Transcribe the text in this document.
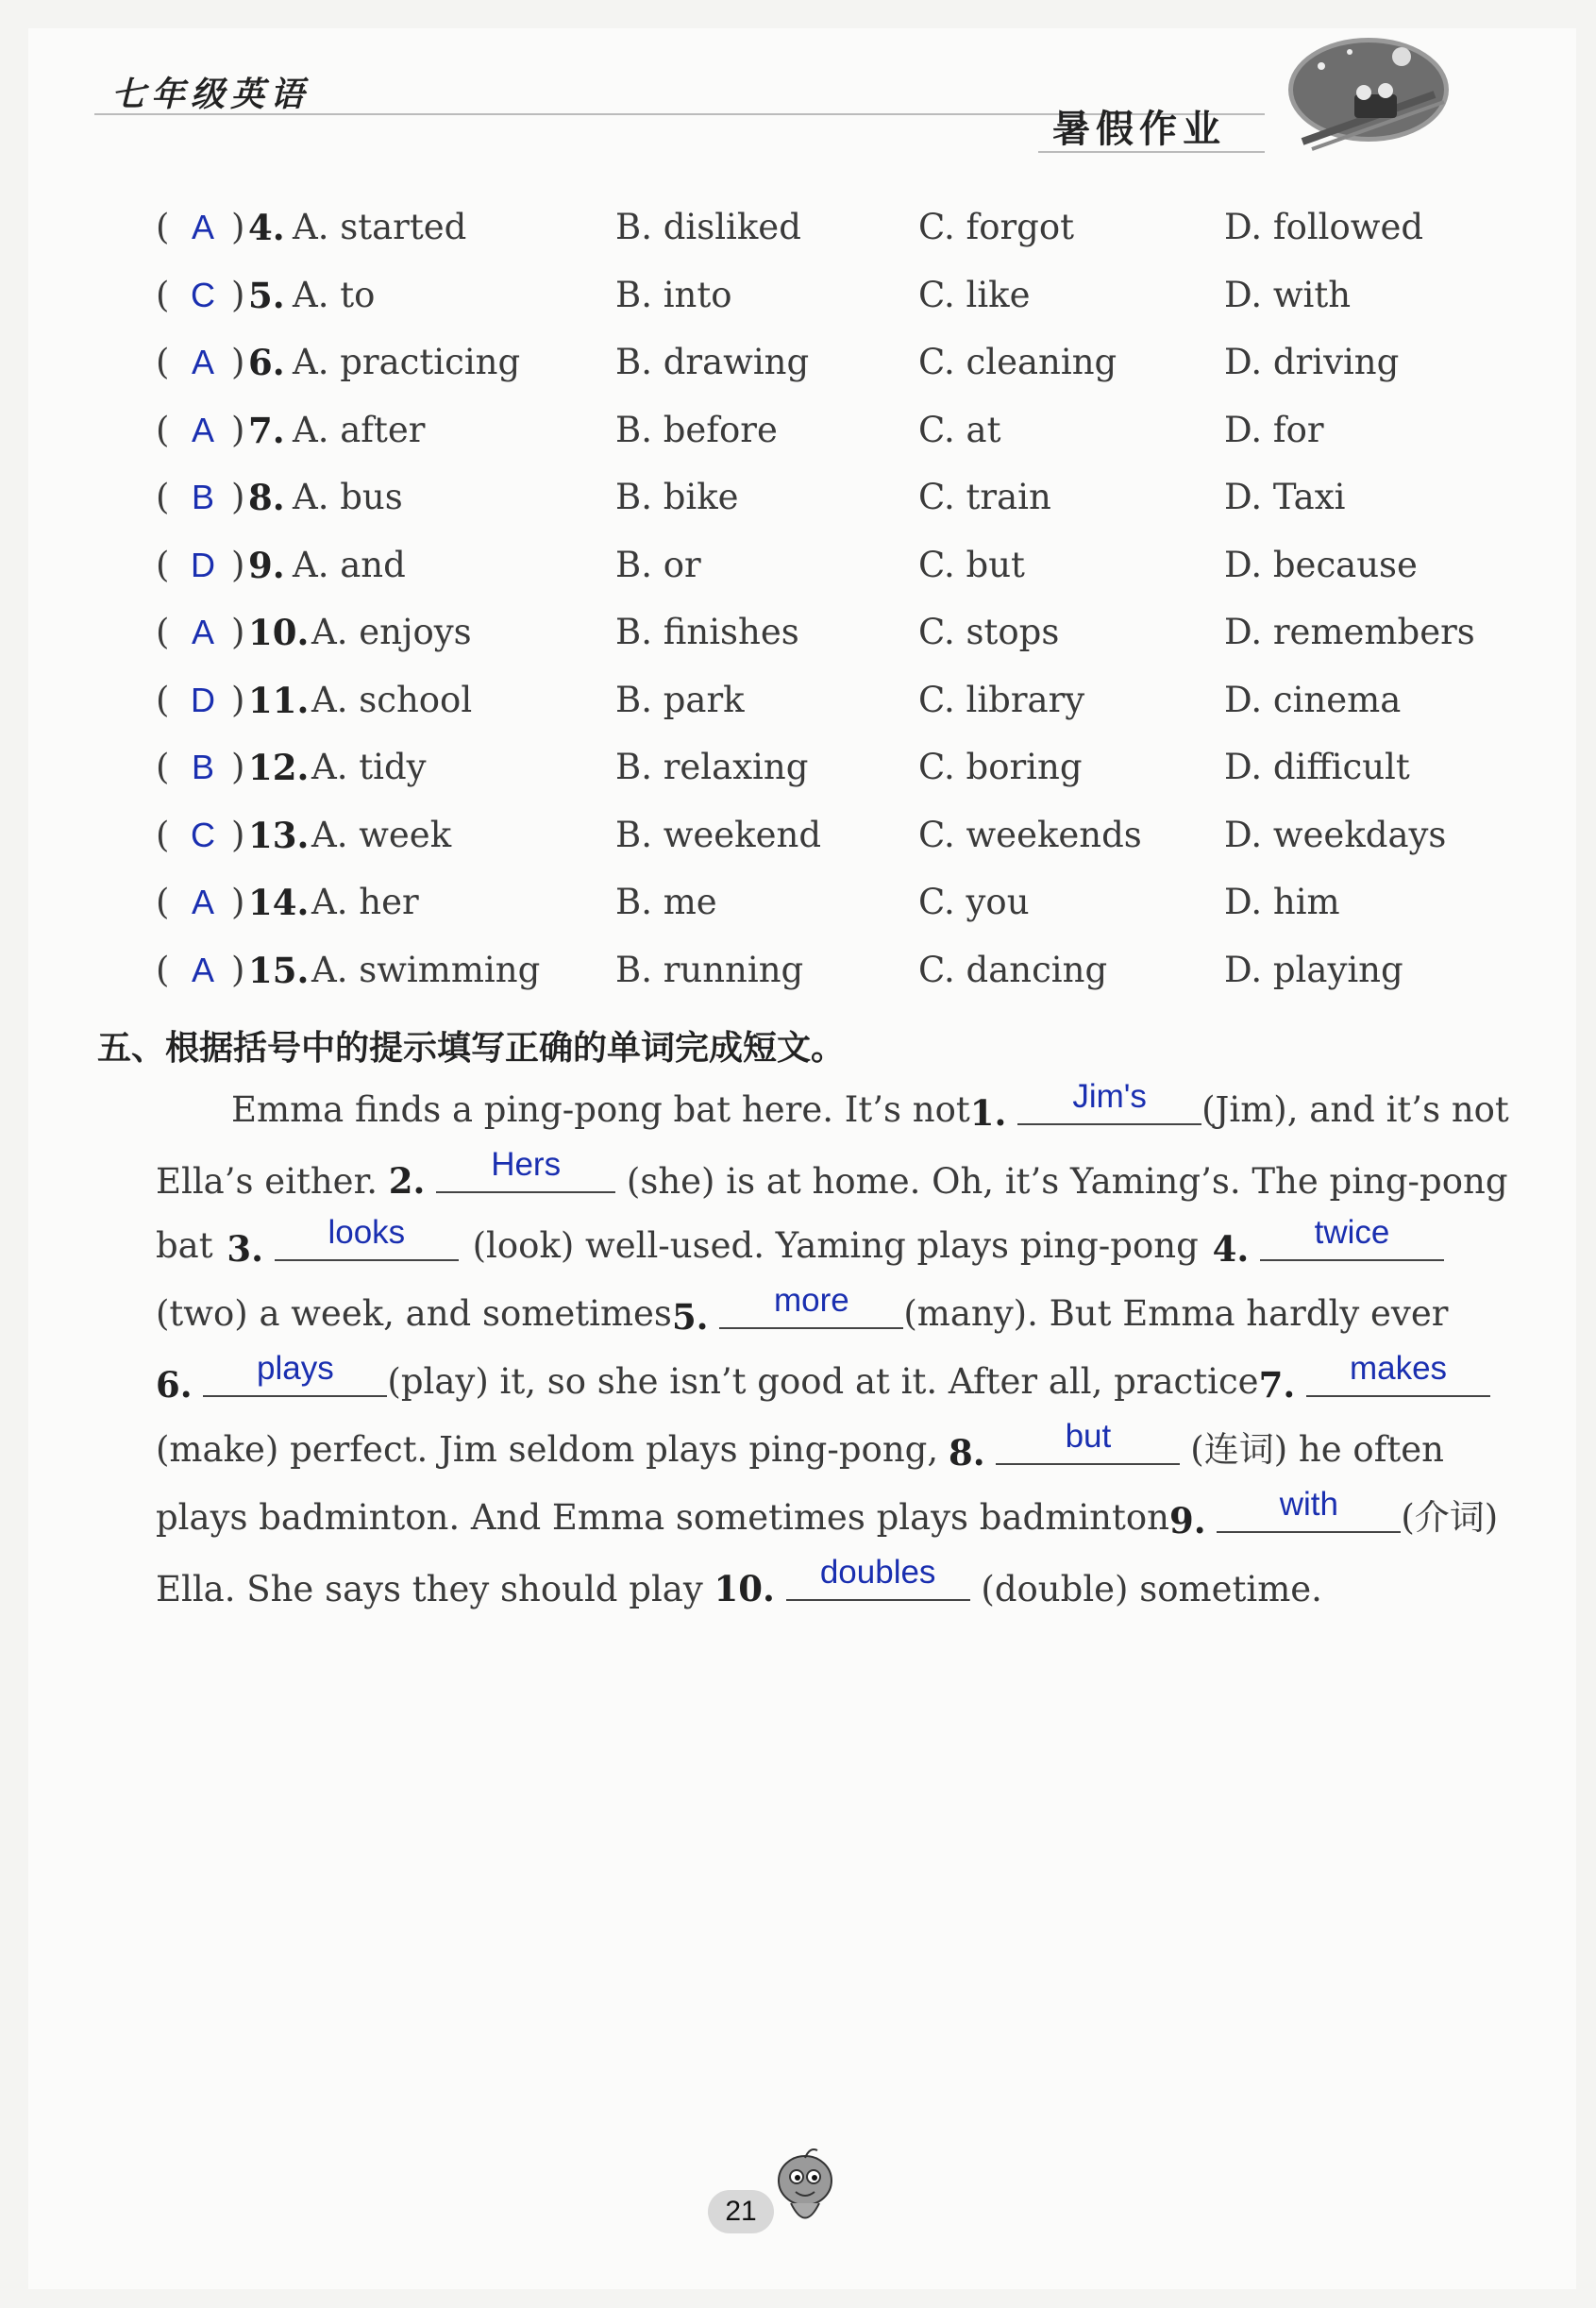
七年级英语
暑假作业
( A ) 4. A. started	B. disliked	C. forgot	D. followed
( C ) 5. A. to	B. into	C. like	D. with
( A ) 6. A. practicing	B. drawing	C. cleaning	D. driving
( A ) 7. A. after	B. before	C. at	D. for
( B ) 8. A. bus	B. bike	C. train	D. Taxi
( D ) 9. A. and	B. or	C. but	D. because
( A ) 10. A. enjoys	B. finishes	C. stops	D. remembers
( D ) 11. A. school	B. park	C. library	D. cinema
( B ) 12. A. tidy	B. relaxing	C. boring	D. difficult
( C ) 13. A. week	B. weekend	C. weekends D. weekdays
( A ) 14. A. her	B. me	C. you	D. him
( A ) 15. A. swimming B. running	C. dancing	D. playing
五、根据括号中的提示填写正确的单词完成短文。
Emma finds a ping-pong bat here. It’s not 1.	Jim's	(Jim), and it’s not
Ella’s either. 2.	Hers	(she) is at home. Oh, it’s Yaming’s. The ping-pong
bat 3.	looks	(look) well-used. Yaming plays ping-pong 4.	twice
(two) a week, and sometimes 5.	more	(many). But Emma hardly ever
6.	plays	(play) it, so she isn’t good at it. After all, practice 7.	makes
(make) perfect. Jim seldom plays ping-pong, 8.	but	(连词) he often
plays badminton. And Emma sometimes plays badminton 9.	with	(介词)
Ella. She says they should play 10.	doubles	(double) sometime.
21
